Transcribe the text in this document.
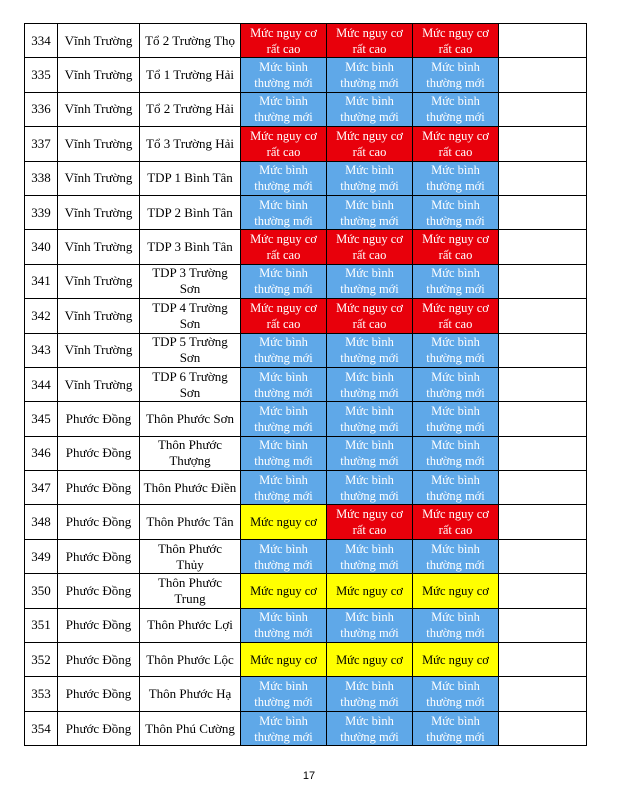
334	Vĩnh Trường	Tổ 2 Trường Thọ	Mức nguy cơ rất cao	Mức nguy cơ rất cao	Mức nguy cơ rất cao	

335	Vĩnh Trường	Tổ 1 Trường Hải	Mức bình thường mới	Mức bình thường mới	Mức bình thường mới	

336	Vĩnh Trường	Tổ 2 Trường Hải	Mức bình thường mới	Mức bình thường mới	Mức bình thường mới	

337	Vĩnh Trường	Tổ 3 Trường Hải	Mức nguy cơ rất cao	Mức nguy cơ rất cao	Mức nguy cơ rất cao	

338	Vĩnh Trường	TDP 1 Bình Tân	Mức bình thường mới	Mức bình thường mới	Mức bình thường mới	

339	Vĩnh Trường	TDP 2 Bình Tân	Mức bình thường mới	Mức bình thường mới	Mức bình thường mới	

340	Vĩnh Trường	TDP 3 Bình Tân	Mức nguy cơ rất cao	Mức nguy cơ rất cao	Mức nguy cơ rất cao	

341	Vĩnh Trường	TDP 3 Trường Sơn	Mức bình thường mới	Mức bình thường mới	Mức bình thường mới	

342	Vĩnh Trường	TDP 4 Trường Sơn	Mức nguy cơ rất cao	Mức nguy cơ rất cao	Mức nguy cơ rất cao	

343	Vĩnh Trường	TDP 5 Trường Sơn	Mức bình thường mới	Mức bình thường mới	Mức bình thường mới	

344	Vĩnh Trường	TDP 6 Trường Sơn	Mức bình thường mới	Mức bình thường mới	Mức bình thường mới	

345	Phước Đồng	Thôn Phước Sơn	Mức bình thường mới	Mức bình thường mới	Mức bình thường mới	

346	Phước Đồng	Thôn Phước Thượng	Mức bình thường mới	Mức bình thường mới	Mức bình thường mới	

347	Phước Đồng	Thôn Phước Điền	Mức bình thường mới	Mức bình thường mới	Mức bình thường mới	

348	Phước Đồng	Thôn Phước Tân	Mức nguy cơ	Mức nguy cơ rất cao	Mức nguy cơ rất cao	

349	Phước Đồng	Thôn Phước Thủy	Mức bình thường mới	Mức bình thường mới	Mức bình thường mới	

350	Phước Đồng	Thôn Phước Trung	Mức nguy cơ	Mức nguy cơ	Mức nguy cơ	

351	Phước Đồng	Thôn Phước Lợi	Mức bình thường mới	Mức bình thường mới	Mức bình thường mới	

352	Phước Đồng	Thôn Phước Lộc	Mức nguy cơ	Mức nguy cơ	Mức nguy cơ	

353	Phước Đồng	Thôn Phước Hạ	Mức bình thường mới	Mức bình thường mới	Mức bình thường mới	

354	Phước Đồng	Thôn Phú Cường	Mức bình thường mới	Mức bình thường mới	Mức bình thường mới	

17
